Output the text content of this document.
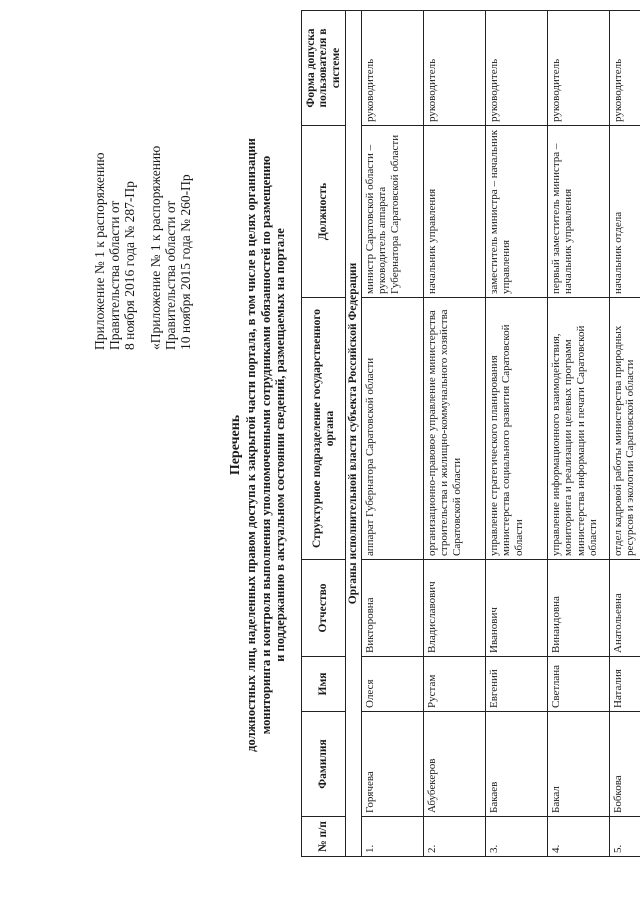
Приложение № 1 к распоряжению Правительства области от 8 ноября 2016 года № 287-Пр «Приложение № 1 к распоряжению Правительства области от 10 ноября 2015 года № 260-Пр
Перечень должностных лиц, наделенных правом доступа к закрытой части портала, в том числе в целях организации мониторинга и контроля выполнения уполномоченными сотрудниками обязанностей по размещению и поддержанию в актуальном состоянии сведений, размещаемых на портале
№ п/п	Фамилия	Имя	Отчество	Структурное подразделение государственного органа	Должность	Форма допуска пользователя в системе
Органы исполнительной власти субъекта Российской Федерации						
1.	Горячева	Олеся	Викторовна	аппарат Губернатора Саратовской области	министр Саратовской области – руководитель аппарата Губернатора Саратовской области	руководитель
2.	Абубекеров	Рустам	Владиславович	организационно-правовое управление министерства строительства и жилищно-коммунального хозяйства Саратовской области	начальник управления	руководитель
3.	Бакаев	Евгений	Иванович	управление стратегического планирования министерства социального развития Саратовской области	заместитель министра – начальник управления	руководитель
4.	Бакал	Светлана	Винаидовна	управление информационного взаимодействия, мониторинга и реализации целевых программ министерства информации и печати Саратовской области	первый заместитель министра – начальник управления	руководитель
5.	Бобкова	Наталия	Анатольевна	отдел кадровой работы министерства природных ресурсов и экологии Саратовской области	начальник отдела	руководитель
